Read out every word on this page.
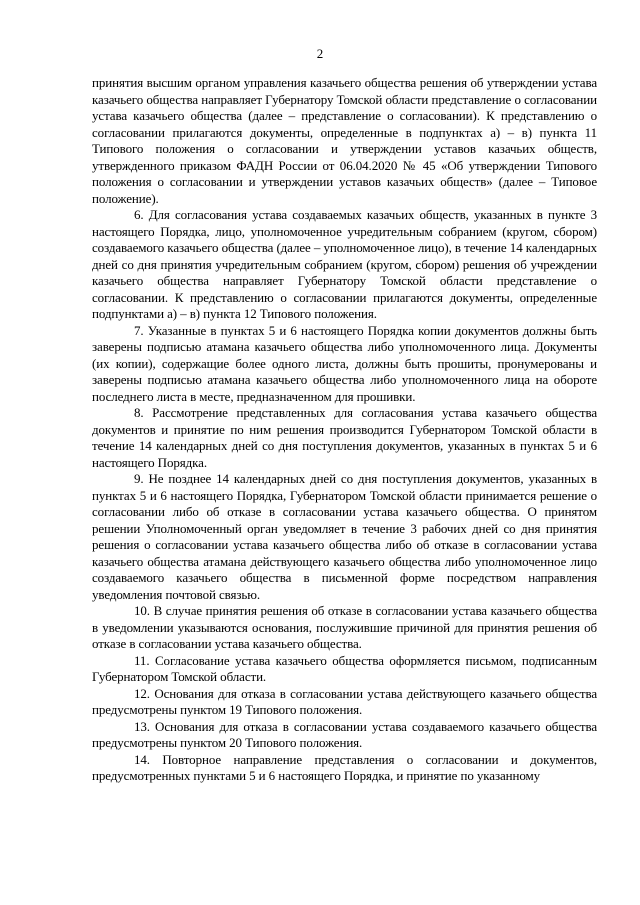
2

принятия высшим органом управления казачьего общества решения об утверждении устава казачьего общества направляет Губернатору Томской области представление о согласовании устава казачьего общества (далее – представление о согласовании). К представлению о согласовании прилагаются документы, определенные в подпунктах а) – в) пункта 11 Типового положения о согласовании и утверждении уставов казачьих обществ, утвержденного приказом ФАДН России от 06.04.2020 № 45 «Об утверждении Типового положения о согласовании и утверждении уставов казачьих обществ» (далее – Типовое положение).

6. Для согласования устава создаваемых казачьих обществ, указанных в пункте 3 настоящего Порядка, лицо, уполномоченное учредительным собранием (кругом, сбором) создаваемого казачьего общества (далее – уполномоченное лицо), в течение 14 календарных дней со дня принятия учредительным собранием (кругом, сбором) решения об учреждении казачьего общества направляет Губернатору Томской области представление о согласовании. К представлению о согласовании прилагаются документы, определенные подпунктами а) – в) пункта 12 Типового положения.

7. Указанные в пунктах 5 и 6 настоящего Порядка копии документов должны быть заверены подписью атамана казачьего общества либо уполномоченного лица. Документы (их копии), содержащие более одного листа, должны быть прошиты, пронумерованы и заверены подписью атамана казачьего общества либо уполномоченного лица на обороте последнего листа в месте, предназначенном для прошивки.

8. Рассмотрение представленных для согласования устава казачьего общества документов и принятие по ним решения производится Губернатором Томской области в течение 14 календарных дней со дня поступления документов, указанных в пунктах 5 и 6 настоящего Порядка.

9. Не позднее 14 календарных дней со дня поступления документов, указанных в пунктах 5 и 6 настоящего Порядка, Губернатором Томской области принимается решение о согласовании либо об отказе в согласовании устава казачьего общества. О принятом решении Уполномоченный орган уведомляет в течение 3 рабочих дней со дня принятия решения о согласовании устава казачьего общества либо об отказе в согласовании устава казачьего общества атамана действующего казачьего общества либо уполномоченное лицо создаваемого казачьего общества в письменной форме посредством направления уведомления почтовой связью.

10. В случае принятия решения об отказе в согласовании устава казачьего общества в уведомлении указываются основания, послужившие причиной для принятия решения об отказе в согласовании устава казачьего общества.

11. Согласование устава казачьего общества оформляется письмом, подписанным Губернатором Томской области.

12. Основания для отказа в согласовании устава действующего казачьего общества предусмотрены пунктом 19 Типового положения.

13. Основания для отказа в согласовании устава создаваемого казачьего общества предусмотрены пунктом 20 Типового положения.

14. Повторное направление представления о согласовании и документов, предусмотренных пунктами 5 и 6 настоящего Порядка, и принятие по указанному
